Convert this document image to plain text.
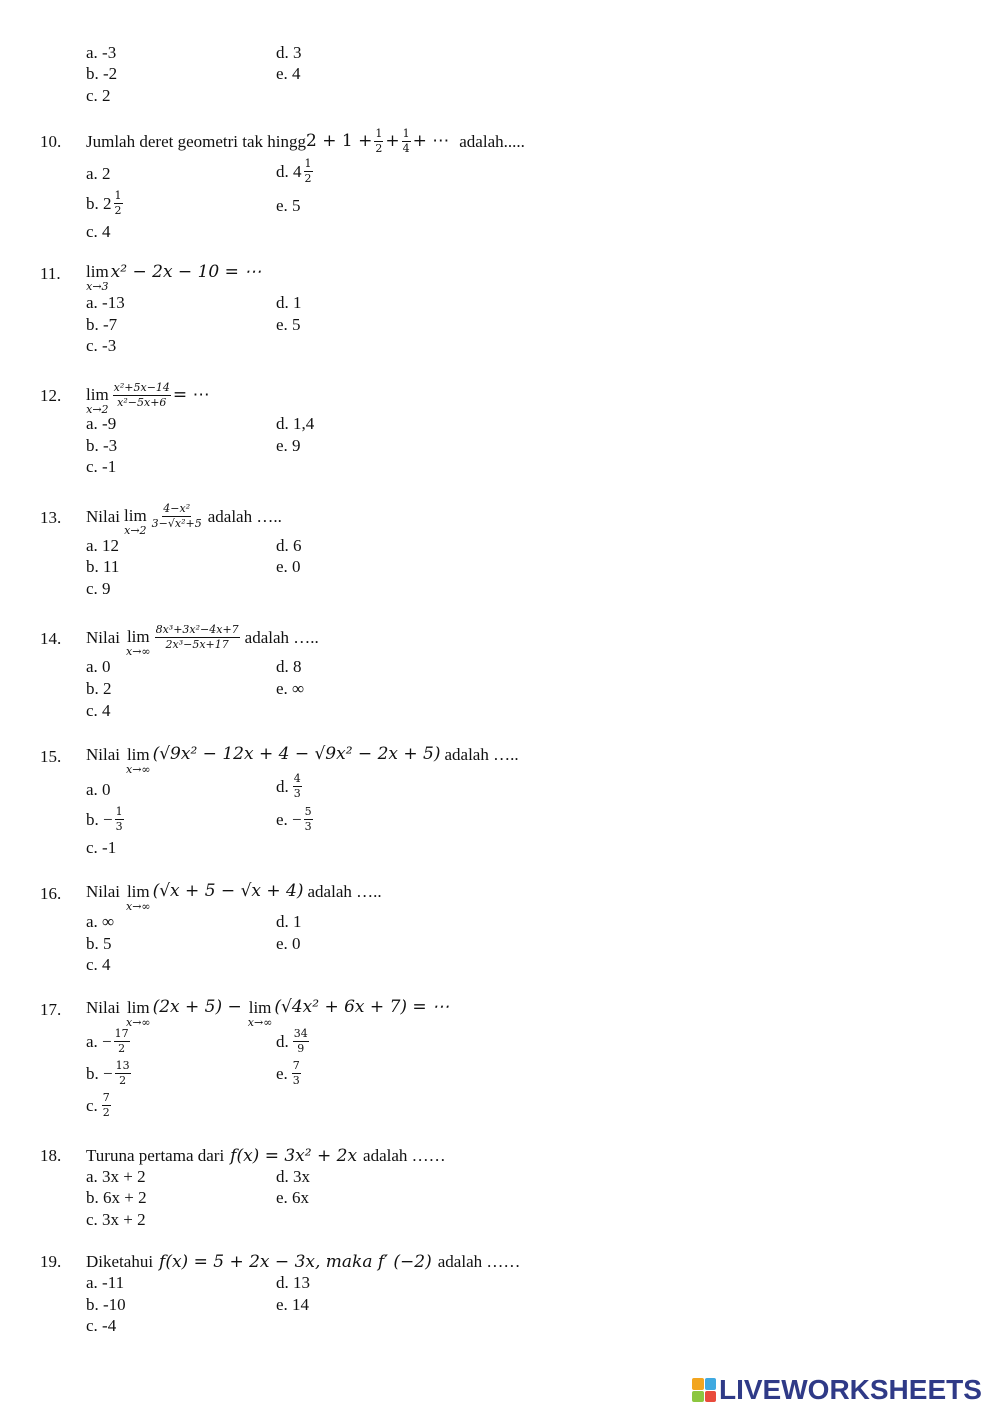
a. -3
b. -2
c. 2
d. 3
e. 4
10. Jumlah deret geometri tak hingg $2 + 1 + \frac{1}{2} + \frac{1}{4}$ + ⋯ adalah.....
a. 2
b. $2 \frac{1}{2}$
c. 4
d. $4 \frac{1}{2}$
e. 5
11. lim
x→3
x² − 2x − 10 = ⋯
a. -13
b. -7
c. -3
d. 1
e. 5
12. lim
x→2
$\frac{\text{x²+5x−14}}{\text{x²−5x+6}}$ = ⋯
a. -9
b. -3
c. -1
d. 1,4
e. 9
13. Nilai lim
x→2
$\frac{\text{4−x²}}{\text{3−√x²+5}}$ adalah …..
a. 12
b. 11
c. 9
d. 6
e. 0
14. Nilai lim
x→∞
$\frac{\text{8x³+3x²−4x+7}}{\text{2x³−5x+17}}$ adalah …..
a. 0
b. 2
c. 4
d. 8
e. ∞
15. Nilai lim
x→∞
(√9x² − 12x + 4 − √9x² − 2x + 5) adalah …..
a. 0
b. − $\frac{1}{3}$
c. -1
d. $\frac{4}{3}$
e. − $\frac{5}{3}$
16. Nilai lim
x→∞
(√x + 5 − √x + 4) adalah …..
a. ∞
b. 5
c. 4
d. 1
e. 0
17. Nilai lim
x→∞
(2x + 5) − lim
x→∞
(√4x² + 6x + 7) = ⋯
a. − $\frac{17}{2}$
b. − $\frac{13}{2}$
c. $\frac{7}{2}$
d. $\frac{34}{9}$
e. $\frac{7}{3}$
18. Turuna pertama dari f(x) = 3x² + 2x adalah ……
a. 3x + 2
b. 6x + 2
c. 3x + 2
d. 3x
e. 6x
19. Diketahui f(x) = 5 + 2x − 3x, maka f′ (−2) adalah ……
a. -11
b. -10
c. -4
d. 13
e. 14
LIVEWORKSHEETS
